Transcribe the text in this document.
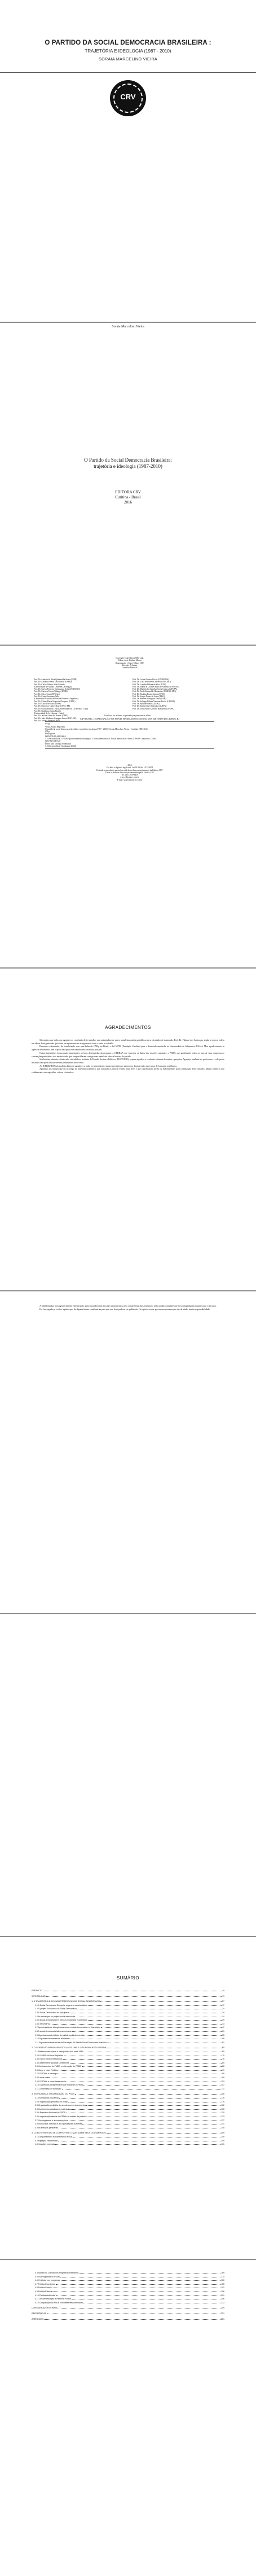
O PARTIDO DA SOCIAL DEMOCRACIA BRASILEIRA :
TRAJETÓRIA E IDEOLOGIA (1987 - 2010)
SORAIA MARCELINO VIEIRA
CRV
Soraia Marcelino Vieira
O Partido da Social Democracia Brasileira:
trajetória e ideologia (1987-2010)
EDITORA CRV
Curitiba - Brasil
2016
Copyright © da Editora CRV Ltda.
Editor-chefe: Railson Moura
Diagramação e Capa: Editora CRV
Revisão: A Autora
Conselho Editorial:
Prof. Dr. Andréia da Silva Quintanilha Sousa (UNIR)
Prof. Dr. Antônio Pereira Gaio Júnior (UFRRJ)
Prof. Dr. Carlos Alberto Vilar Estêvão
(Universidade do Minho, UMINHO, Portugal)
Prof. Dr. Carlos Federico Dominguez Avila (UNIEURO)
Prof. Dr. Carmen Tereza Velanga (UNIR)
Prof. Dr. Celso Conti (UFSCar)
Prof. Dr. Cesar Gerónimo Tello
(Universidad Nacional de Três de Febrero - Argentina)
Prof. Dr. Elione Maria Nogueira Diogenes (UFAL)
Prof. Dr. Élsio José Corá (UFFS)
Prof. Dr. Francisco Carlos Duarte (PUC-PR)
Prof. Dr. Gloria Fariñas León (Universidade de La Havana - Cuba)
Prof. Dr. Guillermo Arias Beatón
(Universidade de La Havana - Cuba)
Prof. Dr. Jailson Alves dos Santos (UFRJ)
Prof. Dr. João Adalberto Campato Junior (FAP - SP)
Prof. Dr. Josania Portela (UFPI)
Prof. Dr. Leonel Severo Rocha (UNISINOS)
Prof. Dr. Lídia de Oliveira Xavier (UNIEURO)
Prof. Dr. Lourdes Helena da Silva (UFV)
Prof. Dr. Maria de Lourdes Pinto de Almeida (UNOESC)
Prof. Dr. Maria Lília Imbiriba Sousa Colares (UFOPA)
Prof. Dr. Paulo Romualdo Hernandes (UNIFAL-MG)
Prof. Dr. Rodrigo Pratte-Santos (UFES)
Prof. Dr. Sérgio Nunes de Jesus (IFRO)
Prof. Dr. Simone Rodrigues Pinto (UNB)
Prof. Dr. Solange Helena Ximenes-Rocha (UFOPA)
Prof. Dr. Sydione Santos (UEPG)
Prof. Dr. Tadeu Oliver Gonçalves (UFPA)
Prof. Dr. Tânia Suely Azevedo Brasileiro (UFOPA)
Este livro foi avaliado e aprovado por pareceristas ad hoc.
CIP-BRASIL. CATALOGAÇÃO-NA-FONTE SINDICATO NACIONAL DOS EDITORES DE LIVROS, RJ
V715
Vieira, Soraia Marcelino
O partido da social democracia brasileira: trajetória e ideologia (1987 - 2010) / Soraia Marcelino Vieira. - Curitiba: CRV, 2016.
290 p.
Bibliografia
ISBN 978-85-444-1068-1
1. Ciência política 2. PSDB - posicionamento ideológico 3. Social democracia 4. Social democracia - Brasil 5. PSDB - trajetória I. Título.
CDU 32 CDD 320
Índice para catálogo sistemático
1. Ciência política - Ideologias 324.28
2016
Foi feito o depósito legal conf. Lei 10.994 de 14/12/2004
Proibida a reprodução parcial ou total desta obra sem autorização da Editora CRV
Todos os direitos desta edição reservados pela: Editora CRV
Tel.: (41) 3039-6418
www.editoracrv.com.br
E-mail: sac@editoracrv.com.br
AGRADECIMENTOS

São muitos que tenho que agradecer e conclusão deste trabalho, mas principalmente quero manifestar minha gratidão ao meu orientador de doutorado, Prof. Dr. Fabiano dos Santos por ajudar a colocar ordem nas ideias desorganizadas que tinha, em apresentar-me e seguir mais forte o rumo ao trabalho.

Devemos o doutorado, fiz beneficiando com uma bolsa do CNPq, no Brasil, e da CAPES (Fundação Carolina) para o doutorado sanduíche na Universidade de Salamanca (USAL). Meu agradecimento às agências de fomento, sem o apoio das quais este trabalho não teria sido possível.

Outras instituições foram muito importantes no bom desempenho da pesquisa: o CEBRAP, que forneceu os dados das votações nominais; o PSDB, que gentilmente cedeu as atas de seus congressos e convenções partidárias; e os entrevistados que compartilharam comigo suas memórias sobre a história do partido.

Sou bolsista, durante o doutorado, vinculada ao Instituto de Estudos Sociais e Políticos (IESP-UERJ), a quem agradeço a excelente estrutura de ensino e pesquisa. Agradeço também aos professores e colegas do instituto com quem discuti versões preliminares deste texto.

Ao IUPERJ/IESP não poderia deixar de agradecer a todos os funcionários, sempre prestativos e atenciosos durante todos esses anos de formação acadêmica.

Agradeço aos amigos que fiz ao longo da trajetória acadêmica, que tornaram os dias de estudo mais leves e que contribuíram, direta ou indiretamente, para a realização deste trabalho. Muitos foram os que colaboraram com sugestões, críticas e incentivo.

A minha família, meu agradecimento especial pelo apoio incondicional em todos os momentos, pela compreensão das ausências e pelo carinho constante que me acompanharam durante todo o percurso.

Por fim, agradeço a todos aqueles que, de alguma forma, contribuíram para que este livro pudesse ser publicado. Os equívocos que porventura permaneçam são de minha inteira responsabilidade.

SUMÁRIO
PREFÁCIO	9
INTRODUÇÃO	11
1. A TRAJETÓRIA E AS CARACTERÍSTICAS DA SOCIAL-DEMOCRACIA	17
1.1 A Social Democracia Europeia: origens e características	17
1.2 O projeto Econômico da Social-Democracia	24
1.3 A Social Democracia no pós-guerra	29
1.4 As mudanças no projeto social-democrata	34
1.5 A social-democracia em meio às mudanças econômicas	39
1.6 A Terceira Via	43
1.7 Aproximações e divergências entre a social-democracia e o liberalismo	47
1.8 A social-democracia latino-americana	51
1.9 Algumas características do partido social-democrata	55
1.10 Algumas características brasileiras	58
1.11 Algumas características da Formação do Partido Social Democrata Brasileiro	61
2. O CONTEXTO BRASILEIRO DOS ANOS 1980 E O SURGIMENTO DO PSDB	65
2.1 Redemocratização e a crise política dos anos 1980	65
2.2 O PMDB na Nova República	70
2.3 O Novo Marco Institucional	75
2.4 A Assembleia Nacional Constituinte	80
2.5 Os dissidentes do PMDB e a formação do PSDB	86
2.6 Surge o Novo Partido	91
2.7 O PSDB e a ideologia	95
2.8 A nova classe	99
2.9 O PSDB e a nova classe média	103
2.10 O perfil dos parlamentares que fundaram o PSDB	107
2.11 O manifesto de fundação	111
3. ESTRUTURA E ORGANIZAÇÃO DO PSDB	115
3.1 Os estatutos do partido	115
3.2 A organização partidária no Brasil	119
3.3 Organização partidária de acordo com os documentos	122
3.4 Os diretórios estaduais e municipais	126
3.5 A Executiva Nacional do PSDB	129
3.6 A organização interna do PSDB e o modelo de partido	133
3.7 Os congressos e as convenções	137
3.8 Os núcleos, setoriais e as organizações auxiliares	141
3.9 As finanças partidárias	145
4. COMO O PARTIDO SE COMPORTA E O QUE DIZEM SEUS DOCUMENTOS	149
4.1 Comportamento Parlamentar do PSDB	149
4.2 Migração Parlamentar	155
4.3 Votações nominais	161
4.4 Análise da Coesão dos Programas Partidários	169
4.5 Os Programas do PSDB	174
4.6 O debate nos programas	180
4.7 Política Econômica	185
4.8 Política Social	191
4.9 Política Externa	196
4.10 Política Ambiental	201
4.11 Descentralização e Reforma Política	206
4.12 Comparação do PSDB com diferentes dimensões	212
CONSIDERAÇÕES FINAIS	219
REFERÊNCIAS	231
APÊNDICES	251
